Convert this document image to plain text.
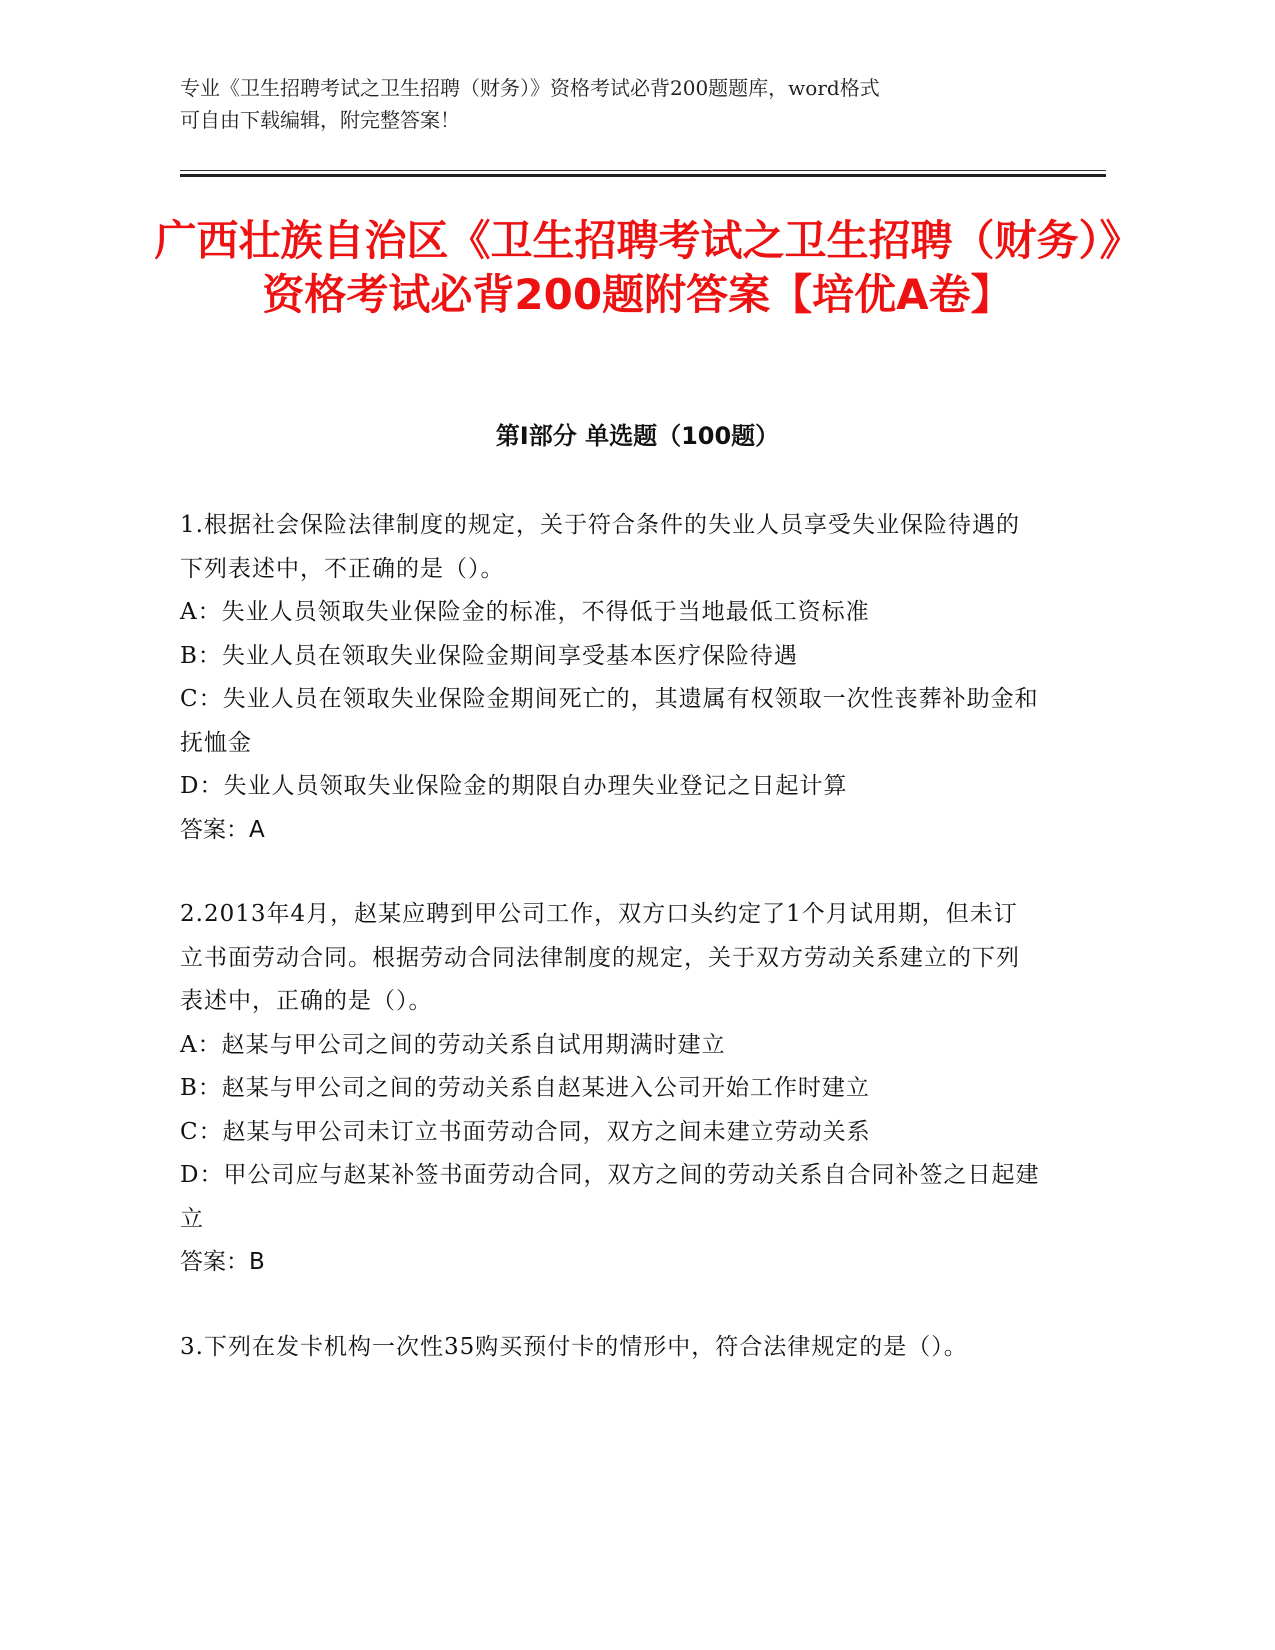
专业《卫生招聘考试之卫生招聘（财务）》资格考试必背200题题库，word格式

可自由下载编辑，附完整答案！

广西壮族自治区《卫生招聘考试之卫生招聘（财务）》资格考试必背200题附答案【培优A卷】
第Ⅰ部分 单选题（100题）

1.根据社会保险法律制度的规定，关于符合条件的失业人员享受失业保险待遇的下列表述中，不正确的是（）。

A：失业人员领取失业保险金的标准，不得低于当地最低工资标准

B：失业人员在领取失业保险金期间享受基本医疗保险待遇

C：失业人员在领取失业保险金期间死亡的，其遗属有权领取一次性丧葬补助金和抚恤金

D：失业人员领取失业保险金的期限自办理失业登记之日起计算

答案：A

2.2013年4月，赵某应聘到甲公司工作，双方口头约定了1个月试用期，但未订立书面劳动合同。根据劳动合同法律制度的规定，关于双方劳动关系建立的下列表述中，正确的是（）。

A：赵某与甲公司之间的劳动关系自试用期满时建立

B：赵某与甲公司之间的劳动关系自赵某进入公司开始工作时建立

C：赵某与甲公司未订立书面劳动合同，双方之间未建立劳动关系

D：甲公司应与赵某补签书面劳动合同，双方之间的劳动关系自合同补签之日起建立

答案：B

3.下列在发卡机构一次性35购买预付卡的情形中，符合法律规定的是（）。
